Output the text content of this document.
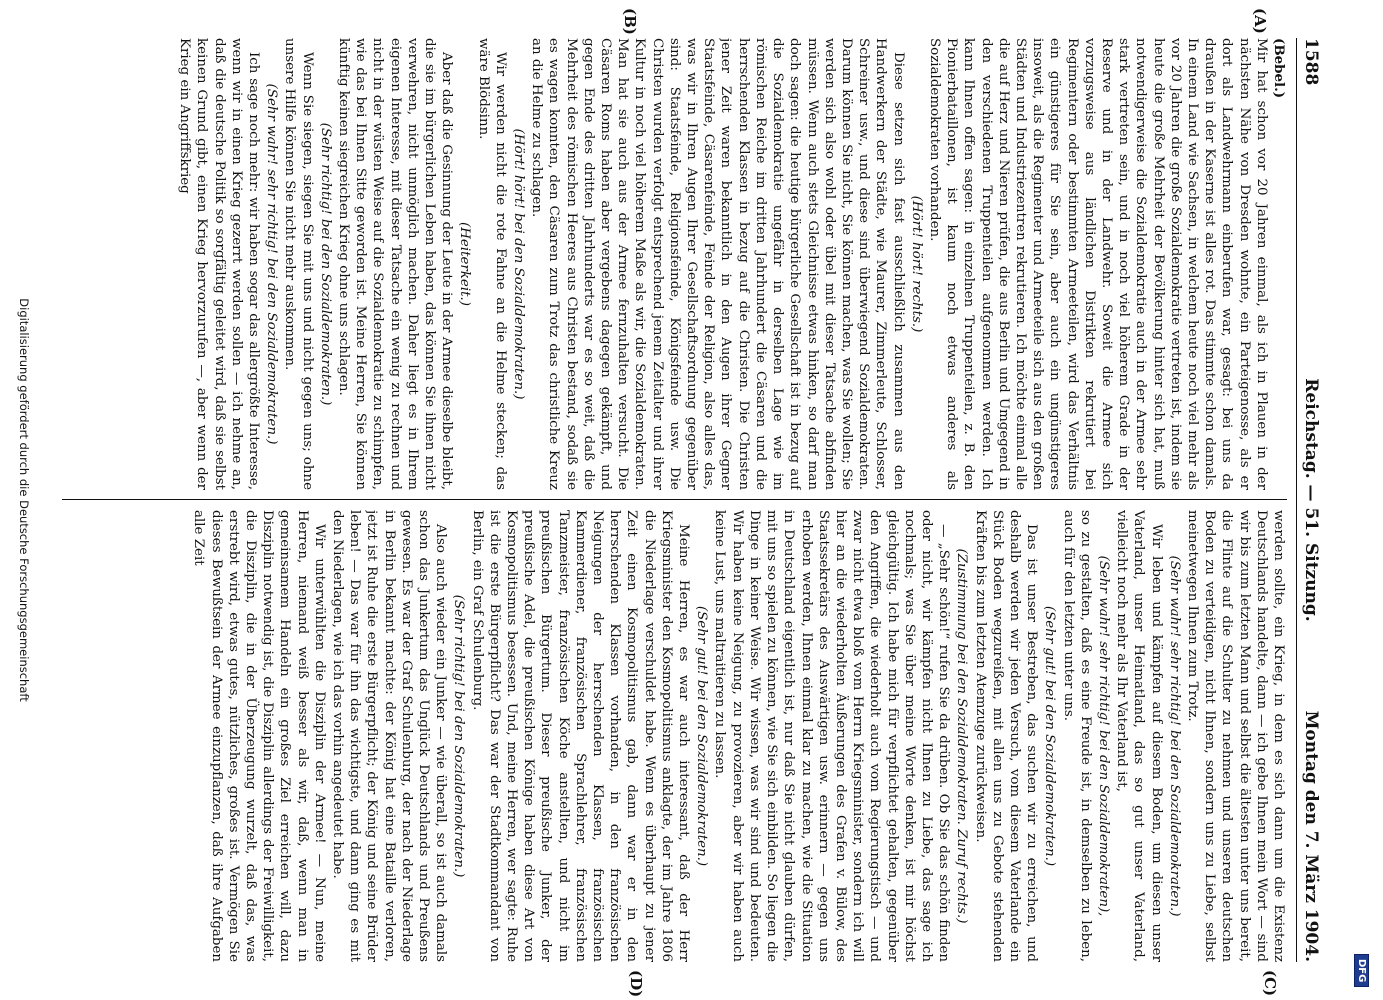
DFG
1588
Reichstag. — 51. Sitzung.
Montag den 7. März 1904.
(A)
(B)
(C)
(D)

(Bebel.)

Mir hat schon vor 20 Jahren einmal, als ich in Plauen in der nächsten Nähe von Dresden wohnte, ein Parteigenosse, als er dort als Landwehrmann einberufen war, gesagt: bei uns da draußen in der Kaserne ist alles rot. Das stimmte schon damals. In einem Land wie Sachsen, in welchem heute noch viel mehr als vor 20 Jahren die große Sozialdemokratie vertreten ist, indem sie heute die große Mehrheit der Bevölkerung hinter sich hat, muß notwendigerweise die Sozialdemokratie auch in der Armee sehr stark vertreten sein, und in noch viel höherem Grade in der Reserve und in der Landwehr. Soweit die Armee sich vorzugsweise aus ländlichen Distrikten rekrutiert bei Regimentern oder bestimmten Armeeteilen, wird das Verhältnis ein günstigeres für Sie sein, aber auch ein ungünstigeres insoweit, als die Regimenter und Armeeteile sich aus den großen Städten und Industriezentren rekrutieren. Ich möchte einmal alle die auf Herz und Nieren prüfen, die aus Berlin und Umgegend in den verschiedenen Truppenteilen aufgenommen werden. Ich kann Ihnen offen sagen: in einzelnen Truppenteilen, z. B. den Pionierbataillonen, ist kaum noch etwas anderes als Sozialdemokraten vorhanden.

(Hört! hört! rechts.)

Diese setzen sich fast ausschließlich zusammen aus den Handwerkern der Städte, wie Maurer, Zimmerleute, Schlosser, Schreiner usw., und diese sind überwiegend Sozialdemokraten. Darum können Sie nicht, Sie können machen, was Sie wollen; Sie werden sich also wohl oder übel mit dieser Tatsache abfinden müssen. Wenn auch stets Gleichnisse etwas hinken, so darf man doch sagen: die heutige bürgerliche Gesellschaft ist in bezug auf die Sozialdemokratie ungefähr in derselben Lage wie im römischen Reiche im dritten Jahrhundert die Cäsaren und die herrschenden Klassen in bezug auf die Christen. Die Christen jener Zeit waren bekanntlich in den Augen ihrer Gegner Staatsfeinde, Cäsarenfeinde, Feinde der Religion, also alles das, was wir in Ihren Augen Ihrer Gesellschaftsordnung gegenüber sind: Staatsfeinde, Religionsfeinde, Königsfeinde usw. Die Christen wurden verfolgt entsprechend jenem Zeitalter und ihrer Kultur in noch viel höherem Maße als wir, die Sozialdemokraten. Man hat sie auch aus der Armee fernzuhalten versucht. Die Cäsaren Roms haben aber vergebens dagegen gekämpft, und gegen Ende des dritten Jahrhunderts war es so weit, daß die Mehrheit des römischen Heeres aus Christen bestand, sodaß sie es wagen konnten, den Cäsaren zum Trotz das christliche Kreuz an die Helme zu schlagen.

(Hört! hört! bei den Sozialdemokraten.)

Wir werden nicht die rote Fahne an die Helme stecken; das wäre Blödsinn.

(Heiterkeit.)

Aber daß die Gesinnung der Leute in der Armee dieselbe bleibt, die sie im bürgerlichen Leben haben, das können Sie ihnen nicht verwehren, nicht unmöglich machen. Daher liegt es in Ihrem eigenen Interesse, mit dieser Tatsache ein wenig zu rechnen und nicht in der wüsten Weise auf die Sozialdemokratie zu schimpfen, wie das bei Ihnen Sitte geworden ist. Meine Herren, Sie können künftig keinen siegreichen Krieg ohne uns schlagen.

(Sehr richtig! bei den Sozialdemokraten.)

Wenn Sie siegen, siegen Sie mit uns und nicht gegen uns; ohne unsere Hilfe können Sie nicht mehr auskommen.

(Sehr wahr! sehr richtig! bei den Sozialdemokraten.)

Ich sage noch mehr: wir haben sogar das allergrößte Interesse, wenn wir in einen Krieg gezerrt werden sollen — ich nehme an, daß die deutsche Politik so sorgfältig geleitet wird, daß sie selbst keinen Grund gibt, einen Krieg hervorzurufen —, aber wenn der Krieg ein Angriffskrieg

werden sollte, ein Krieg, in dem es sich dann um die Existenz Deutschlands handelte, dann — ich gebe Ihnen mein Wort — sind wir bis zum letzten Mann und selbst die ältesten unter uns bereit, die Flinte auf die Schulter zu nehmen und unseren deutschen Boden zu verteidigen, nicht Ihnen, sondern uns zu Liebe, selbst meinetwegen Ihnen zum Trotz.

(Sehr wahr! sehr richtig! bei den Sozialdemokraten.)

Wir leben und kämpfen auf diesem Boden, um diesen unser Vaterland, unser Heimatland, das so gut unser Vaterland, vielleicht noch mehr als Ihr Vaterland ist,

(Sehr wahr! sehr richtig! bei den Sozialdemokraten),

so zu gestalten, daß es eine Freude ist, in demselben zu leben, auch für den letzten unter uns.

(Sehr gut! bei den Sozialdemokraten.)

Das ist unser Bestreben, das suchen wir zu erreichen, und deshalb werden wir jeden Versuch, vom diesem Vaterlande ein Stück Boden wegzureißen, mit allen uns zu Gebote stehenden Kräften bis zum letzten Atemzuge zurückweisen.

(Zustimmung bei den Sozialdemokraten. Zuruf rechts.)

— „Sehr schön!“ rufen Sie da drüben. Ob Sie das schön finden oder nicht, wir kämpfen nicht Ihnen zu Liebe, das sage ich nochmals; was Sie über meine Worte denken, ist mir höchst gleichgültig. Ich habe mich für verpflichtet gehalten, gegenüber den Angriffen, die wiederholt auch vom Regierungstisch — und zwar nicht etwa bloß vom Herrn Kriegsminister, sondern ich will hier an die wiederholten Äußerungen des Grafen v. Bülow, des Staatssekretärs des Auswärtigen usw. erinnern — gegen uns erhoben werden, Ihnen einmal klar zu machen, wie die Situation in Deutschland eigentlich ist, nur daß Sie nicht glauben dürfen, mit uns so spielen zu können, wie Sie sich einbilden. So liegen die Dinge in keiner Weise. Wir wissen, was wir sind und bedeuten. Wir haben keine Neigung, zu provozieren, aber wir haben auch keine Lust, uns maltraitieren zu lassen.

(Sehr gut! bei den Sozialdemokraten.)

Meine Herren, es war auch interessant, daß der Herr Kriegsminister den Kosmopolitismus anklagte, der im Jahre 1806 die Niederlage verschuldet habe. Wenn es überhaupt zu jener Zeit einen Kosmopolitismus gab, dann war er in den herrschenden Klassen vorhanden, in den französischen Neigungen der herrschenden Klassen, französischen Kammerdiener, französischen Sprachlehrer, französischen Tanzmeister, französischen Köche anstellten, und nicht im preußischen Bürgertum. Dieser preußische Junker, der preußische Adel, die preußischen Könige haben diese Art von Kosmopolitismus besessen. Und, meine Herren, wer sagte: Ruhe ist die erste Bürgerpflicht? Das war der Stadtkommandant von Berlin, ein Graf Schulenburg.

(Sehr richtig! bei den Sozialdemokraten.)

Also auch wieder ein Junker — wie überall, so ist auch damals schon das Junkertum das Unglück Deutschlands und Preußens gewesen. Es war der Graf Schulenburg, der nach der Niederlage in Berlin bekannt machte: der König hat eine Bataille verloren, jetzt ist Ruhe die erste Bürgerpflicht; der König und seine Brüder leben! — Das war für ihn das wichtigste, und dann ging es mit den Niederlagen, wie ich das vorhin angedeutet habe.

Wir unterwühlten die Disziplin der Armee! — Nun, meine Herren, niemand weiß besser als wir, daß, wenn man in gemeinsamem Handeln ein großes Ziel erreichen will, dazu Disziplin notwendig ist, die Disziplin allerdings der Freiwilligkeit, die Disziplin, die in der Überzeugung wurzelt, daß das, was erstrebt wird, etwas gutes, nützliches, großes ist. Vermögen Sie dieses Bewußtsein der Armee einzupflanzen, daß ihre Aufgaben alle Zeit

Digitalisierung gefördert durch die Deutsche Forschungsgemeinschaft
